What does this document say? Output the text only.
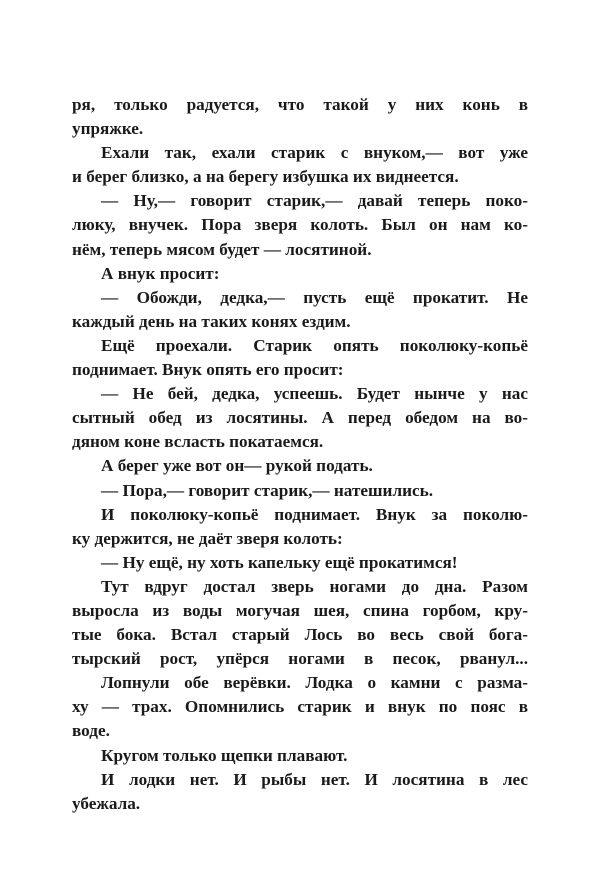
ря, только радуется, что такой у них конь в
упряжке.
Ехали так, ехали старик с внуком,— вот уже
и берег близко, а на берегу избушка их виднеется.
— Ну,— говорит старик,— давай теперь поко-
люку, внучек. Пора зверя колоть. Был он нам ко-
нём, теперь мясом будет — лосятиной.
А внук просит:
— Обожди, дедка,— пусть ещё прокатит. Не
каждый день на таких конях ездим.
Ещё проехали. Старик опять поколюку-копьё
поднимает. Внук опять его просит:
— Не бей, дедка, успеешь. Будет нынче у нас
сытный обед из лосятины. А перед обедом на во-
дяном коне всласть покатаемся.
А берег уже вот он— рукой подать.
— Пора,— говорит старик,— натешились.
И поколюку-копьё поднимает. Внук за поколю-
ку держится, не даёт зверя колоть:
— Ну ещё, ну хоть капельку ещё прокатимся!
Тут вдруг достал зверь ногами до дна. Разом
выросла из воды могучая шея, спина горбом, кру-
тые бока. Встал старый Лось во весь свой бога-
тырский рост, упёрся ногами в песок, рванул...
Лопнули обе верёвки. Лодка о камни с разма-
ху — трах. Опомнились старик и внук по пояс в
воде.
Кругом только щепки плавают.
И лодки нет. И рыбы нет. И лосятина в лес
убежала.
